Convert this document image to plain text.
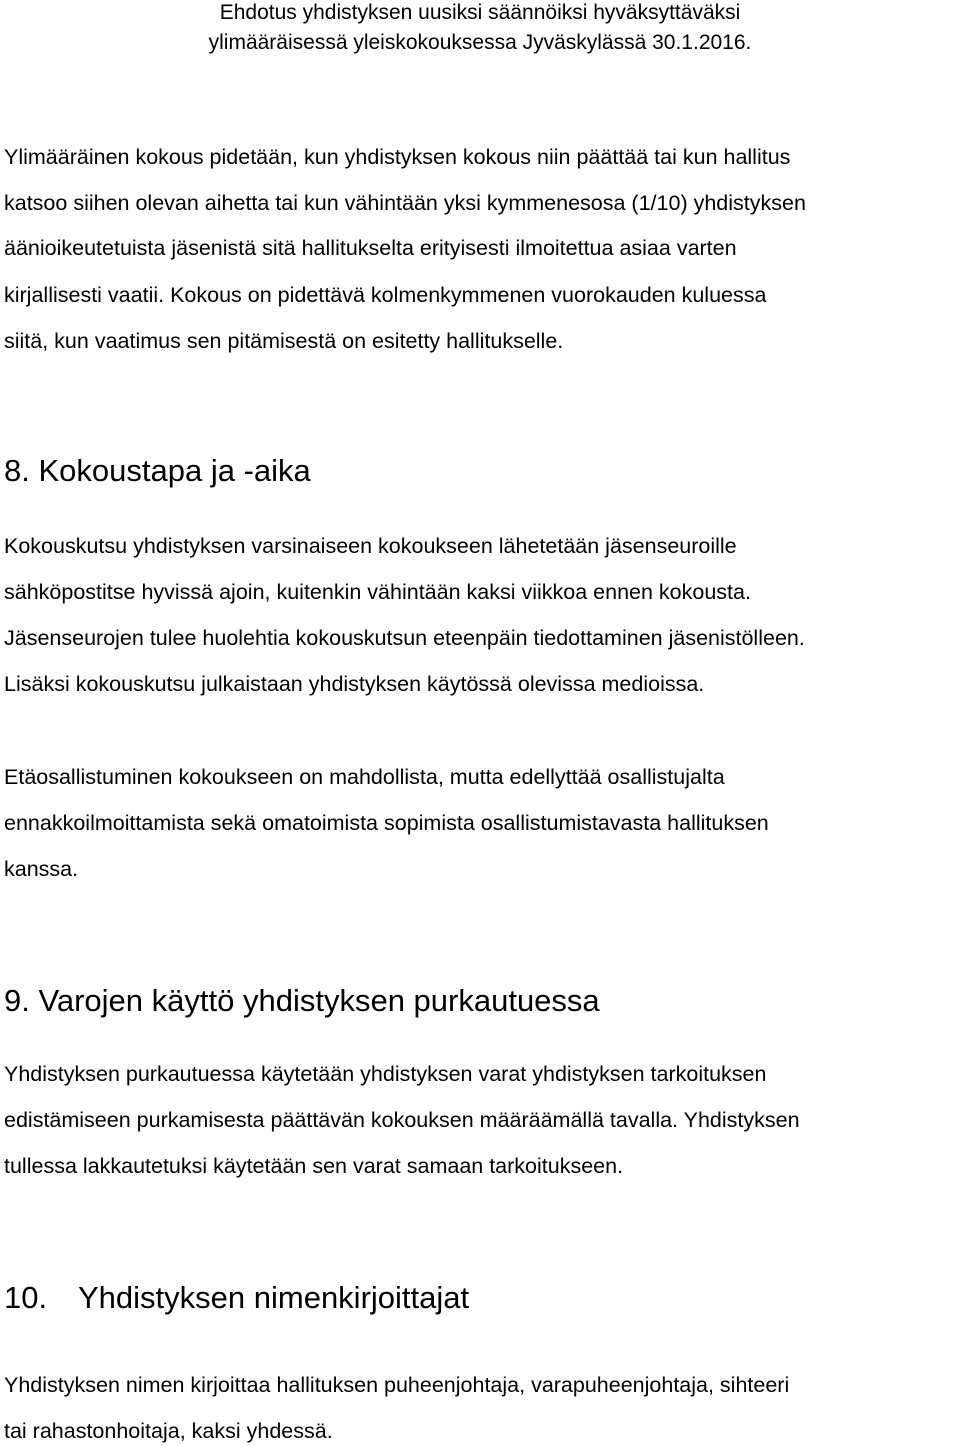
Ehdotus yhdistyksen uusiksi säännöiksi hyväksyttäväksi

ylimääräisessä yleiskokouksessa Jyväskylässä 30.1.2016.

Ylimääräinen kokous pidetään, kun yhdistyksen kokous niin päättää tai kun hallitus

katsoo siihen olevan aihetta tai kun vähintään yksi kymmenesosa (1/10) yhdistyksen

äänioikeutetuista jäsenistä sitä hallitukselta erityisesti ilmoitettua asiaa varten

kirjallisesti vaatii. Kokous on pidettävä kolmenkymmenen vuorokauden kuluessa

siitä, kun vaatimus sen pitämisestä on esitetty hallitukselle.

8. Kokoustapa ja -aika

Kokouskutsu yhdistyksen varsinaiseen kokoukseen lähetetään jäsenseuroille

sähköpostitse hyvissä ajoin, kuitenkin vähintään kaksi viikkoa ennen kokousta.

Jäsenseurojen tulee huolehtia kokouskutsun eteenpäin tiedottaminen jäsenistölleen.

Lisäksi kokouskutsu julkaistaan yhdistyksen käytössä olevissa medioissa.

Etäosallistuminen kokoukseen on mahdollista, mutta edellyttää osallistujalta

ennakkoilmoittamista sekä omatoimista sopimista osallistumistavasta hallituksen

kanssa.

9. Varojen käyttö yhdistyksen purkautuessa

Yhdistyksen purkautuessa käytetään yhdistyksen varat yhdistyksen tarkoituksen

edistämiseen purkamisesta päättävän kokouksen määräämällä tavalla. Yhdistyksen

tullessa lakkautetuksi käytetään sen varat samaan tarkoitukseen.

10. Yhdistyksen nimenkirjoittajat

Yhdistyksen nimen kirjoittaa hallituksen puheenjohtaja, varapuheenjohtaja, sihteeri

tai rahastonhoitaja, kaksi yhdessä.
